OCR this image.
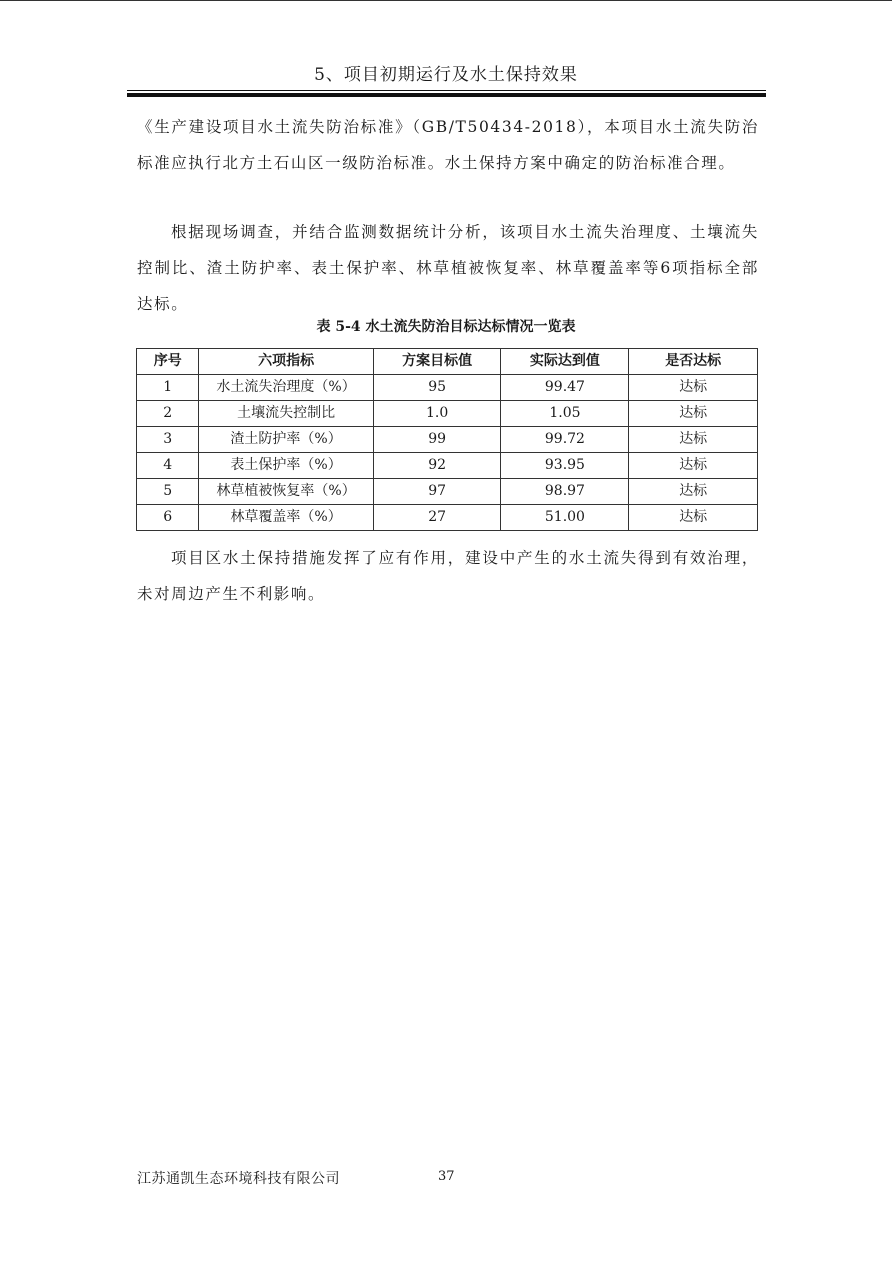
5、项目初期运行及水土保持效果

《生产建设项目水土流失防治标准》（GB/T50434-2018），本项目水土流失防治标准应执行北方土石山区一级防治标准。水土保持方案中确定的防治标准合理。

根据现场调查，并结合监测数据统计分析，该项目水土流失治理度、土壤流失控制比、渣土防护率、表土保护率、林草植被恢复率、林草覆盖率等6项指标全部达标。

表 5-4 水土流失防治目标达标情况一览表
序号	六项指标	方案目标值	实际达到值	是否达标
1	水土流失治理度（%）	95	99.47	达标
2	土壤流失控制比	1.0	1.05	达标
3	渣土防护率（%）	99	99.72	达标
4	表土保护率（%）	92	93.95	达标
5	林草植被恢复率（%）	97	98.97	达标
6	林草覆盖率（%）	27	51.00	达标

项目区水土保持措施发挥了应有作用，建设中产生的水土流失得到有效治理，未对周边产生不利影响。

江苏通凯生态环境科技有限公司	37
